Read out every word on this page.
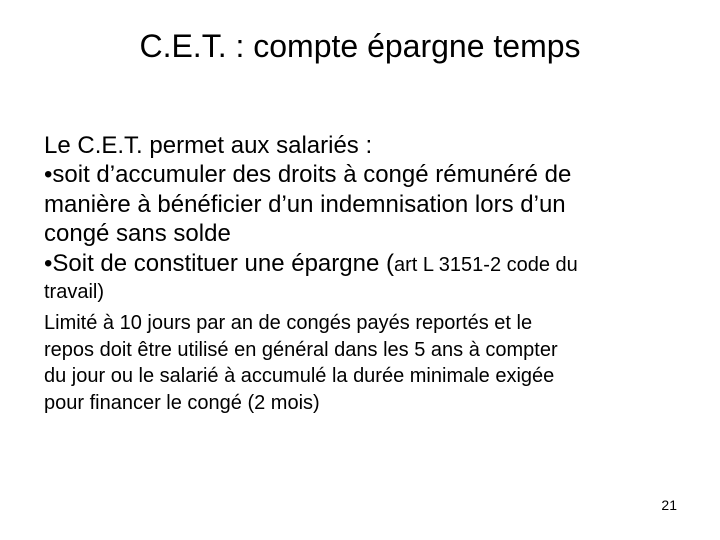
C.E.T. : compte épargne temps
Le C.E.T. permet aux salariés :
•soit d’accumuler des droits à congé rémunéré de
manière à bénéficier d’un indemnisation lors d’un
congé sans solde
•Soit de constituer une épargne (art L 3151-2 code du
travail)
Limité à 10 jours par an de congés payés reportés et le
repos doit être utilisé en général dans les 5 ans à compter
du jour ou le salarié à accumulé la durée minimale exigée
pour financer le congé (2 mois)
21
